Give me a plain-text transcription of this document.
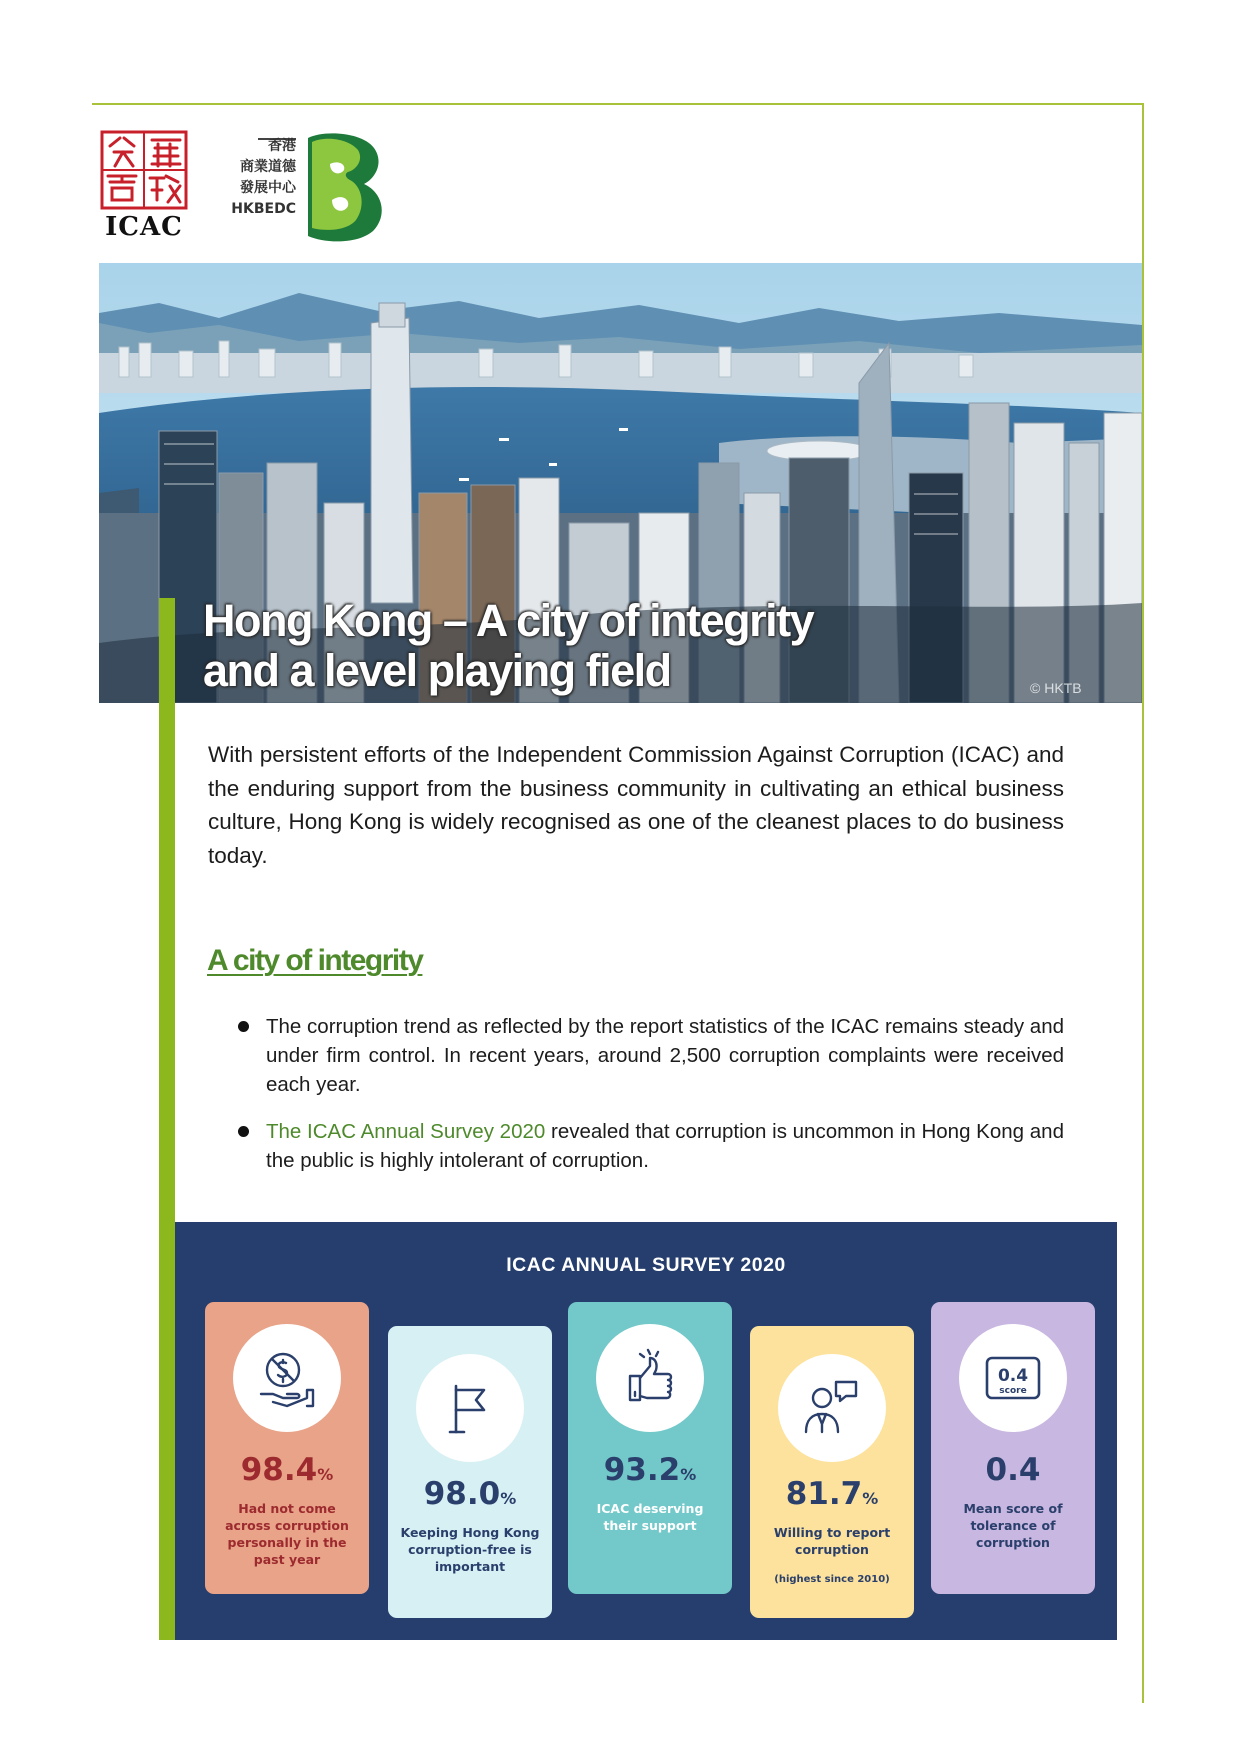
ICAC
香港
商業道德
發展中心
HKBEDC
Hong Kong – A city of integrity
and a level playing field	© HKTB

With persistent efforts of the Independent Commission Against Corruption (ICAC) and the enduring support from the business community in cultivating an ethical business culture, Hong Kong is widely recognised as one of the cleanest places to do business today.

A city of integrity
The corruption trend as reflected by the report statistics of the ICAC remains steady and under firm control. In recent years, around 2,500 corruption complaints were received each year.
The ICAC Annual Survey 2020 revealed that corruption is uncommon in Hong Kong and the public is highly intolerant of corruption.
ICAC ANNUAL SURVEY 2020
98.4%
Had not come across corruption personally in the past year
98.0%
Keeping Hong Kong corruption-free is important
93.2%
ICAC deserving their support
81.7%
Willing to report corruption
(highest since 2010)
0.4
score
0.4
Mean score of tolerance of corruption
